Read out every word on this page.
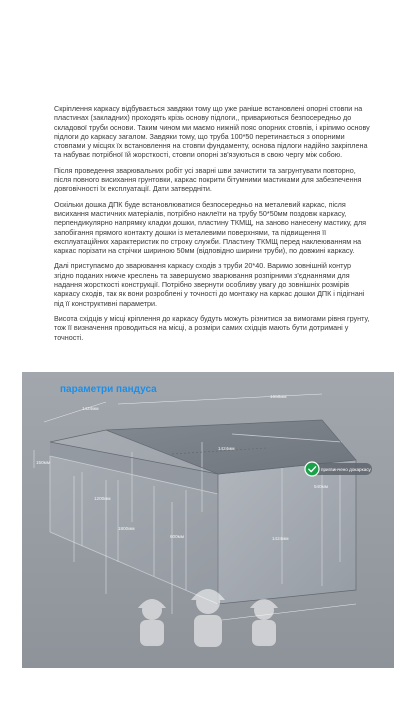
Скріплення каркасу відбувається завдяки тому що уже раніше встановлені опорні стовпи на пластинах (закладних) проходять крізь основу підлоги,, привариються безпосередньо до складової труби основи. Таким чином ми маємо нижній пояс опорних стовпів, і кріпимо основу підлоги до каркасу загалом. Завдяки тому, що труба 100*50 перетинається з опорними стовпами у місцях їх встановлення на стовпи фундаменту, основа підлоги надійно закріплена та набуває потрібної їй жорсткості, стовпи опорні зв'язуються в свою чергу між собою.

Після проведення зварювальних робіт усі зварні шви зачистити та загрунтувати повторно, після повного висихання грунтовки, каркас покрити бітумними мастиками для забезпечення довговічності їх експлуатації. Дати затвердніти.

Оскільки дошка ДПК буде встановлюватися безпосередньо на металевий каркас, після висихання мастичних матеріалів, потрібно наклеїти на трубу 50*50мм поздовж каркасу, перпендикулярно напрямку кладки дошки, пластину ТКМЩ, на заново нанесену мастику, для запобігання прямого контакту дошки із металевими поверхнями, та підвищення її експлуатаційних характеристик по строку служби. Пластину ТКМЩ перед наклеюванням на каркас порізати на стрічки шириною 50мм (відповідно ширини труби), по довжині каркасу.

Далі приступаємо до зварювання каркасу сходів з труби 20*40. Варимо зовнішній контур згідно поданих нижче креслень та завершуємо зварювання розпірними з'єднаннями для надання жорсткості конструкції. Потрібно звернути особливу увагу до зовнішніх розмірів каркасу сходів, так як вони розроблені у точності до монтажу на каркас дошки ДПК і підігнані під її конструктивні параметри.

Висота східців у місці кріплення до каркасу будуть можуть різнитися за вимогами рівня грунту, тож її визначення проводиться на місці, а розміри самих східців мають бути дотримані у точності.

параметри пандуса
1424мм
1658мм
1424мм
150мм
1200мм
1800мм
600мм
540мм
1424мм
пригвинчено докаркасу
Rabotniki.UA
